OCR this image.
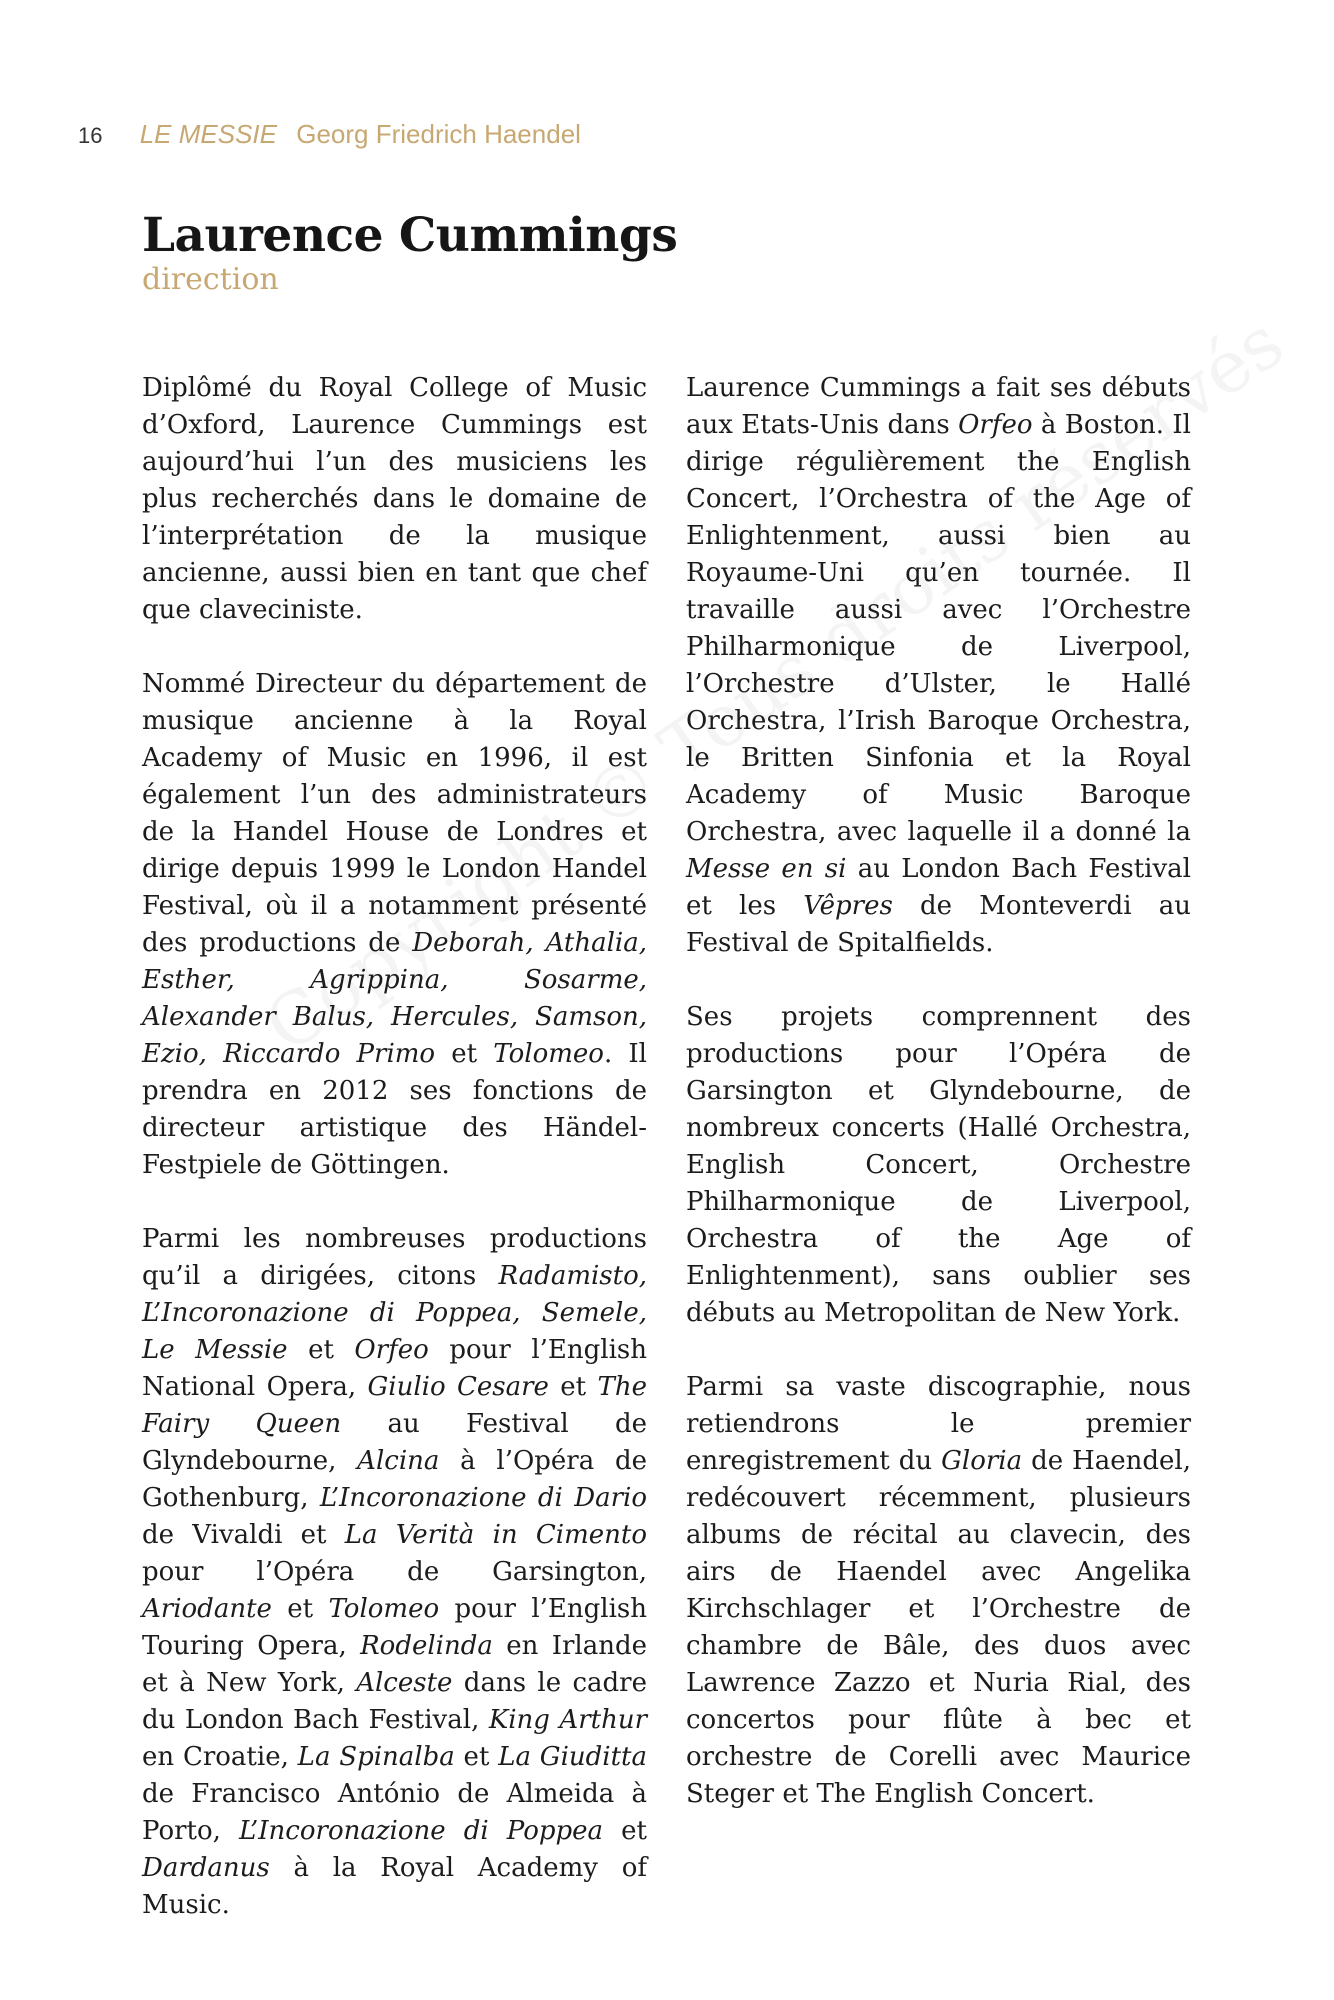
16 LE MESSIE Georg Friedrich Haendel
Laurence Cummings
direction

Diplômé du Royal College of Music d’Oxford, Laurence Cummings est aujourd’hui l’un des musiciens les plus recherchés dans le domaine de l’interprétation de la musique ancienne, aussi bien en tant que chef que claveciniste.

Nommé Directeur du département de musique ancienne à la Royal Academy of Music en 1996, il est également l’un des administrateurs de la Handel House de Londres et dirige depuis 1999 le London Handel Festival, où il a notamment présenté des productions de Deborah, Athalia, Esther, Agrippina, Sosarme, Alexander Balus, Hercules, Samson, Ezio, Riccardo Primo et Tolomeo. Il prendra en 2012 ses fonctions de directeur artistique des Händel-Festpiele de Göttingen.

Parmi les nombreuses productions qu’il a dirigées, citons Radamisto, L’Incoronazione di Poppea, Semele, Le Messie et Orfeo pour l’English National Opera, Giulio Cesare et The Fairy Queen au Festival de Glyndebourne, Alcina à l’Opéra de Gothenburg, L’Incoronazione di Dario de Vivaldi et La Verità in Cimento pour l’Opéra de Garsington, Ariodante et Tolomeo pour l’English Touring Opera, Rodelinda en Irlande et à New York, Alceste dans le cadre du London Bach Festival, King Arthur en Croatie, La Spinalba et La Giuditta de Francisco António de Almeida à Porto, L’Incoronazione di Poppea et Dardanus à la Royal Academy of Music.

Laurence Cummings a fait ses débuts aux Etats-Unis dans Orfeo à Boston. Il dirige régulièrement the English Concert, l’Orchestra of the Age of Enlightenment, aussi bien au Royaume-Uni qu’en tournée. Il travaille aussi avec l’Orchestre Philharmonique de Liverpool, l’Orchestre d’Ulster, le Hallé Orchestra, l’Irish Baroque Orchestra, le Britten Sinfonia et la Royal Academy of Music Baroque Orchestra, avec laquelle il a donné la Messe en si au London Bach Festival et les Vêpres de Monteverdi au Festival de Spitalfields.

Ses projets comprennent des productions pour l’Opéra de Garsington et Glyndebourne, de nombreux concerts (Hallé Orchestra, English Concert, Orchestre Philharmonique de Liverpool, Orchestra of the Age of Enlightenment), sans oublier ses débuts au Metropolitan de New York.

Parmi sa vaste discographie, nous retiendrons le premier enregistrement du Gloria de Haendel, redécouvert récemment, plusieurs albums de récital au clavecin, des airs de Haendel avec Angelika Kirchschlager et l’Orchestre de chambre de Bâle, des duos avec Lawrence Zazzo et Nuria Rial, des concertos pour flûte à bec et orchestre de Corelli avec Maurice Steger et The English Concert.
